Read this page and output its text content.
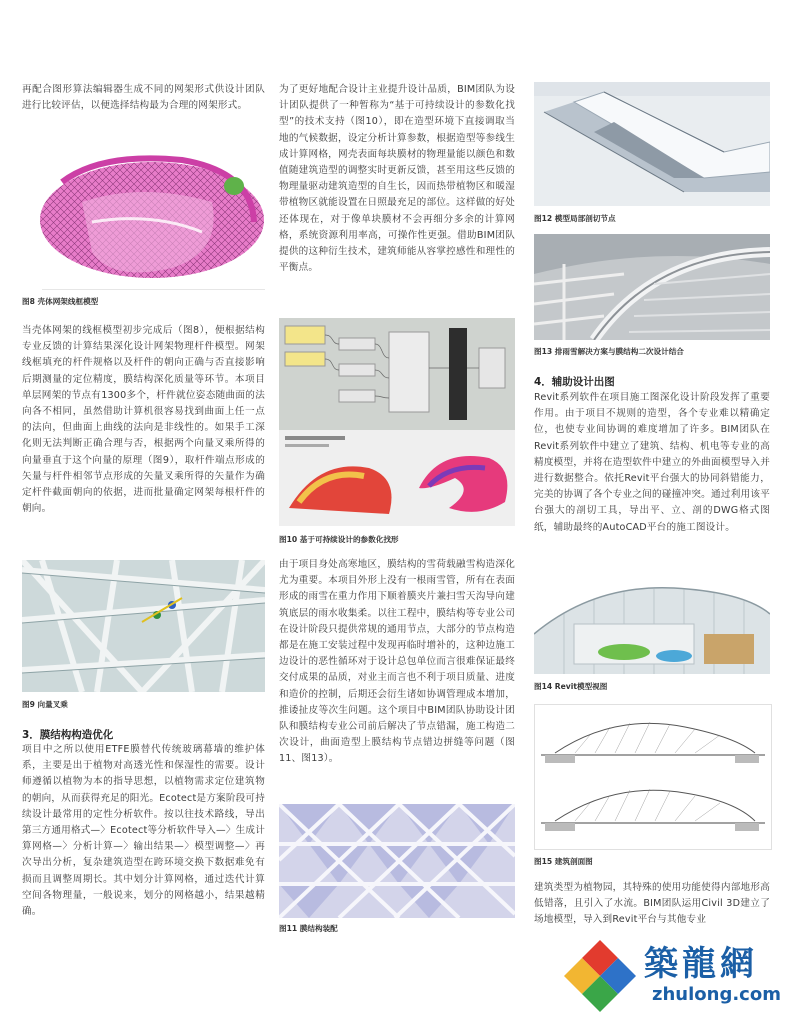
再配合图形算法编辑器生成不同的网架形式供设计团队进行比较评估，以便选择结构最为合理的网架形式。

图8 壳体网架线框模型

当壳体网架的线框模型初步完成后（图8），便根据结构专业反馈的计算结果深化设计网架物理杆件模型。网架线框填充的杆件规格以及杆件的朝向正确与否直接影响后期测量的定位精度，膜结构深化质量等环节。本项目单层网架的节点有1300多个，杆件就位姿态随曲面的法向各不相同，虽然借助计算机很容易找到曲面上任一点的法向，但曲面上曲线的法向是非线性的。如果手工深化则无法判断正确合理与否，根据两个向量叉乘所得的向量垂直于这个向量的原理（图9），取杆件端点形成的矢量与杆件相邻节点形成的矢量叉乘所得的矢量作为确定杆件截面朝向的依据，进而批量确定网架每根杆件的朝向。

图9 向量叉乘

3．膜结构构造优化

项目中之所以使用ETFE膜替代传统玻璃幕墙的维护体系，主要是出于植物对高透光性和保湿性的需要。设计师遵循以植物为本的指导思想，以植物需求定位建筑物的朝向，从而获得充足的阳光。Ecotect是方案阶段可持续设计最常用的定性分析软件。按以往技术路线，导出第三方通用格式—〉Ecotect等分析软件导入—〉生成计算网格—〉分析计算—〉输出结果—〉模型调整—〉再次导出分析，复杂建筑造型在跨环境交换下数据难免有损而且调整周期长。其中划分计算网格，通过迭代计算空间各物理量，一般说来，划分的网格越小，结果越精确。

为了更好地配合设计主业提升设计品质，BIM团队为设计团队提供了一种暂称为“基于可持续设计的参数化找型”的技术支持（图10），即在造型环境下直接调取当地的气候数据，设定分析计算参数，根据造型等参线生成计算网格，网壳表面每块膜材的物理量能以颜色和数值随建筑造型的调整实时更新反馈，甚至用这些反馈的物理量驱动建筑造型的自生长，因而热带植物区和暖湿带植物区就能设置在日照最充足的部位。这样做的好处还体现在，对于像单块膜材不会再细分多余的计算网格，系统资源利用率高，可操作性更强。借助BIM团队提供的这种衍生技术，建筑师能从容掌控感性和理性的平衡点。

图10 基于可持续设计的参数化找形

由于项目身处高寒地区，膜结构的雪荷载融雪构造深化尤为重要。本项目外形上没有一根雨雪管，所有在表面形成的雨雪在重力作用下顺着膜夹片兼扫雪天沟导向建筑底层的雨水收集柔。以往工程中，膜结构等专业公司在设计阶段只提供常规的通用节点，大部分的节点构造都是在施工安装过程中发现再临时增补的，这种边施工边设计的恶性循环对于设计总包单位而言很难保证最终交付成果的品质，对业主而言也不利于项目质量、进度和造价的控制，后期还会衍生诸如协调管理成本增加，推诿扯皮等次生问题。这个项目中BIM团队协助设计团队和膜结构专业公司前后解决了节点错漏，施工构造二次设计，曲面造型上膜结构节点错边拼缝等问题（图11、图13）。

图11 膜结构装配

图12 模型局部剖切节点

图13 排雨雪解决方案与膜结构二次设计结合

4．辅助设计出图

Revit系列软件在项目施工图深化设计阶段发挥了重要作用。由于项目不规则的造型，各个专业难以精确定位，也使专业间协调的难度增加了许多。BIM团队在Revit系列软件中建立了建筑、结构、机电等专业的高精度模型，并将在造型软件中建立的外曲面模型导入并进行数据整合。依托Revit平台强大的协同斜错能力，完美的协调了各个专业之间的碰撞冲突。通过利用该平台强大的剖切工具，导出平、立、剖的DWG格式图纸，辅助最终的AutoCAD平台的施工图设计。

图14 Revit模型视图

图15 建筑剖面图

建筑类型为植物园，其特殊的使用功能使得内部地形高低错落，且引入了水流。BIM团队运用Civil 3D建立了场地模型，导入到Revit平台与其他专业

築龍網
zhulong.com
